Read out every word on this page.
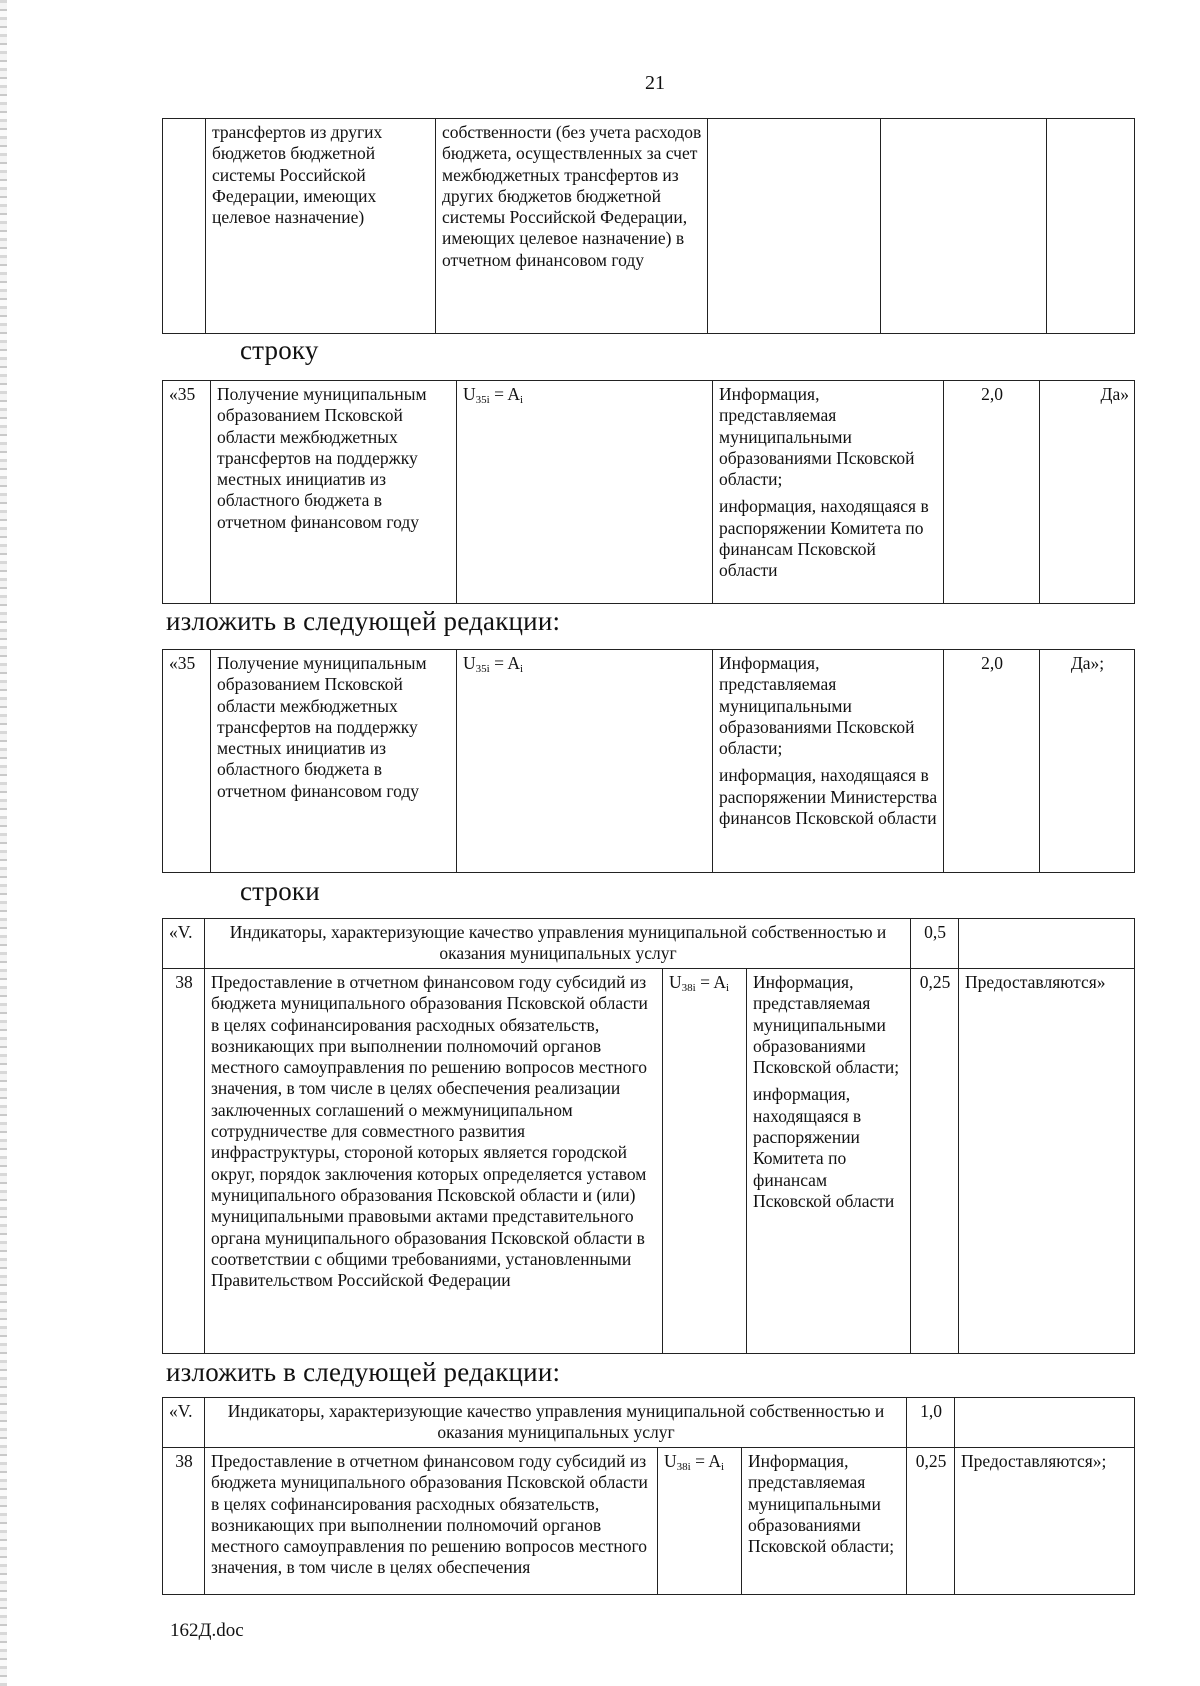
21
	трансфертов из других бюджетов бюджетной системы Российской Федерации, имеющих целевое назначение)	собственности (без учета расходов бюджета, осуществленных за счет межбюджетных трансфертов из других бюджетов бюджетной системы Российской Федерации, имеющих целевое назначение) в отчетном финансовом году			
строку
«35	Получение муниципальным образованием Псковской области межбюджетных трансфертов на поддержку местных инициатив из областного бюджета в отчетном финансовом году	$U_{35i} = A_i$	Информация, представляемая муниципальными образованиями Псковской области;

информация, находящаяся в распоряжении Комитета по финансам Псковской области

	2,0	Да»
изложить в следующей редакции:
«35	Получение муниципальным образованием Псковской области межбюджетных трансфертов на поддержку местных инициатив из областного бюджета в отчетном финансовом году	$U_{35i} = A_i$	Информация, представляемая муниципальными образованиями Псковской области;

информация, находящаяся в распоряжении Министерства финансов Псковской области

	2,0	Да»;
строки
«V.	Индикаторы, характеризующие качество управления муниципальной собственностью и оказания муниципальных услуг			0,5	
38	Предоставление в отчетном финансовом году субсидий из бюджета муниципального образования Псковской области в целях софинансирования расходных обязательств, возникающих при выполнении полномочий органов местного самоуправления по решению вопросов местного значения, в том числе в целях обеспечения реализации заключенных соглашений о межмуниципальном сотрудничестве для совместного развития инфраструктуры, стороной которых является городской округ, порядок заключения которых определяется уставом муниципального образования Псковской области и (или) муниципальными правовыми актами представительного органа муниципального образования Псковской области в соответствии с общими требованиями, установленными Правительством Российской Федерации	$U_{38i} = A_i$	Информация, представляемая муниципальными образованиями Псковской области;

информация, находящаяся в распоряжении Комитета по финансам Псковской области	0,25	Предоставляются»
изложить в следующей редакции:
«V.	Индикаторы, характеризующие качество управления муниципальной собственностью и оказания муниципальных услуг			1,0	
38	Предоставление в отчетном финансовом году субсидий из бюджета муниципального образования Псковской области в целях софинансирования расходных обязательств, возникающих при выполнении полномочий органов местного самоуправления по решению вопросов местного значения, в том числе в целях обеспечения	$U_{38i} = A_i$	Информация, представляемая муниципальными образованиями Псковской области;	0,25	Предоставляются»;
162Д.doc
